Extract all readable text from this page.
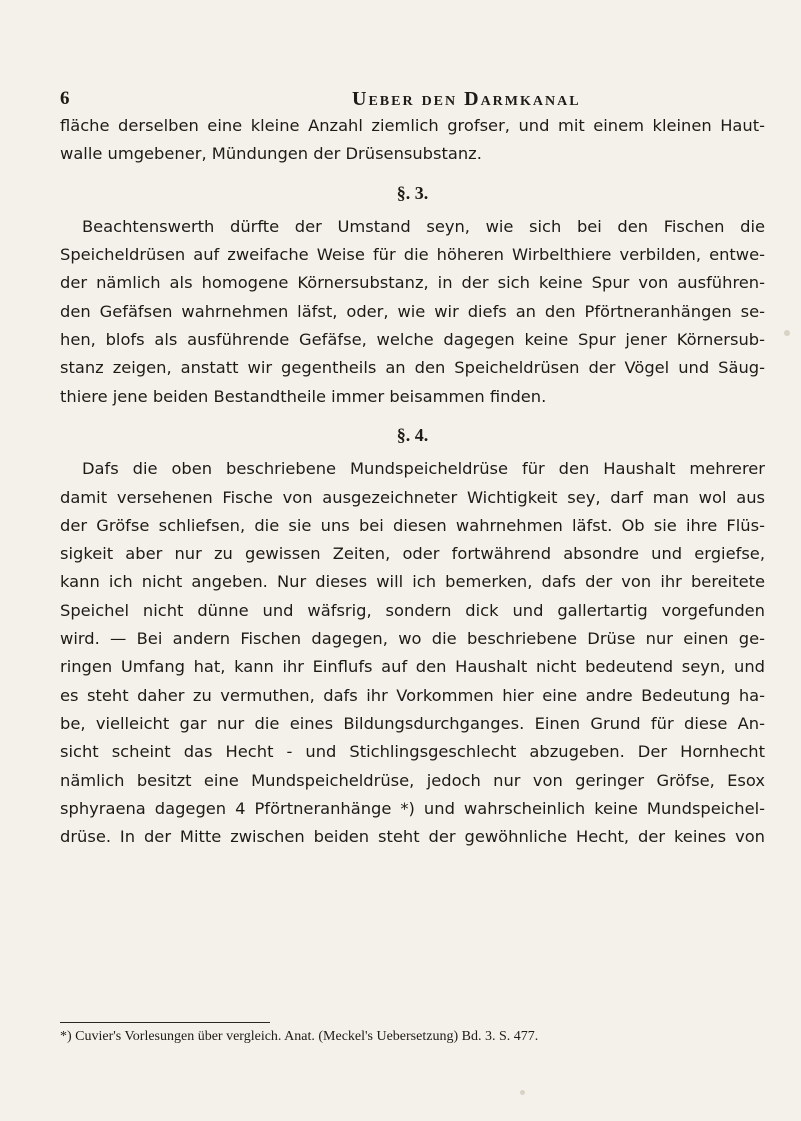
6	Ueber den Darmkanal
fläche derselben eine kleine Anzahl ziemlich grofser, und mit einem kleinen Haut-
walle umgebener, Mündungen der Drüsensubstanz.
§. 3.
Beachtenswerth dürfte der Umstand seyn, wie sich bei den Fischen die
Speicheldrüsen auf zweifache Weise für die höheren Wirbelthiere verbilden, entwe-
der nämlich als homogene Körnersubstanz, in der sich keine Spur von ausführen-
den Gefäfsen wahrnehmen läfst, oder, wie wir diefs an den Pförtneranhängen se-
hen, blofs als ausführende Gefäfse, welche dagegen keine Spur jener Körnersub-
stanz zeigen, anstatt wir gegentheils an den Speicheldrüsen der Vögel und Säug-
thiere jene beiden Bestandtheile immer beisammen finden.
§. 4.
Dafs die oben beschriebene Mundspeicheldrüse für den Haushalt mehrerer
damit versehenen Fische von ausgezeichneter Wichtigkeit sey, darf man wol aus
der Gröfse schliefsen, die sie uns bei diesen wahrnehmen läfst. Ob sie ihre Flüs-
sigkeit aber nur zu gewissen Zeiten, oder fortwährend absondre und ergiefse,
kann ich nicht angeben. Nur dieses will ich bemerken, dafs der von ihr bereitete
Speichel nicht dünne und wäfsrig, sondern dick und gallertartig vorgefunden
wird. — Bei andern Fischen dagegen, wo die beschriebene Drüse nur einen ge-
ringen Umfang hat, kann ihr Einflufs auf den Haushalt nicht bedeutend seyn, und
es steht daher zu vermuthen, dafs ihr Vorkommen hier eine andre Bedeutung ha-
be, vielleicht gar nur die eines Bildungsdurchganges. Einen Grund für diese An-
sicht scheint das Hecht - und Stichlingsgeschlecht abzugeben. Der Hornhecht
nämlich besitzt eine Mundspeicheldrüse, jedoch nur von geringer Gröfse, Esox
sphyraena dagegen 4 Pförtneranhänge *) und wahrscheinlich keine Mundspeichel-
drüse. In der Mitte zwischen beiden steht der gewöhnliche Hecht, der keines von
*) Cuvier's Vorlesungen über vergleich. Anat. (Meckel's Uebersetzung) Bd. 3. S. 477.
